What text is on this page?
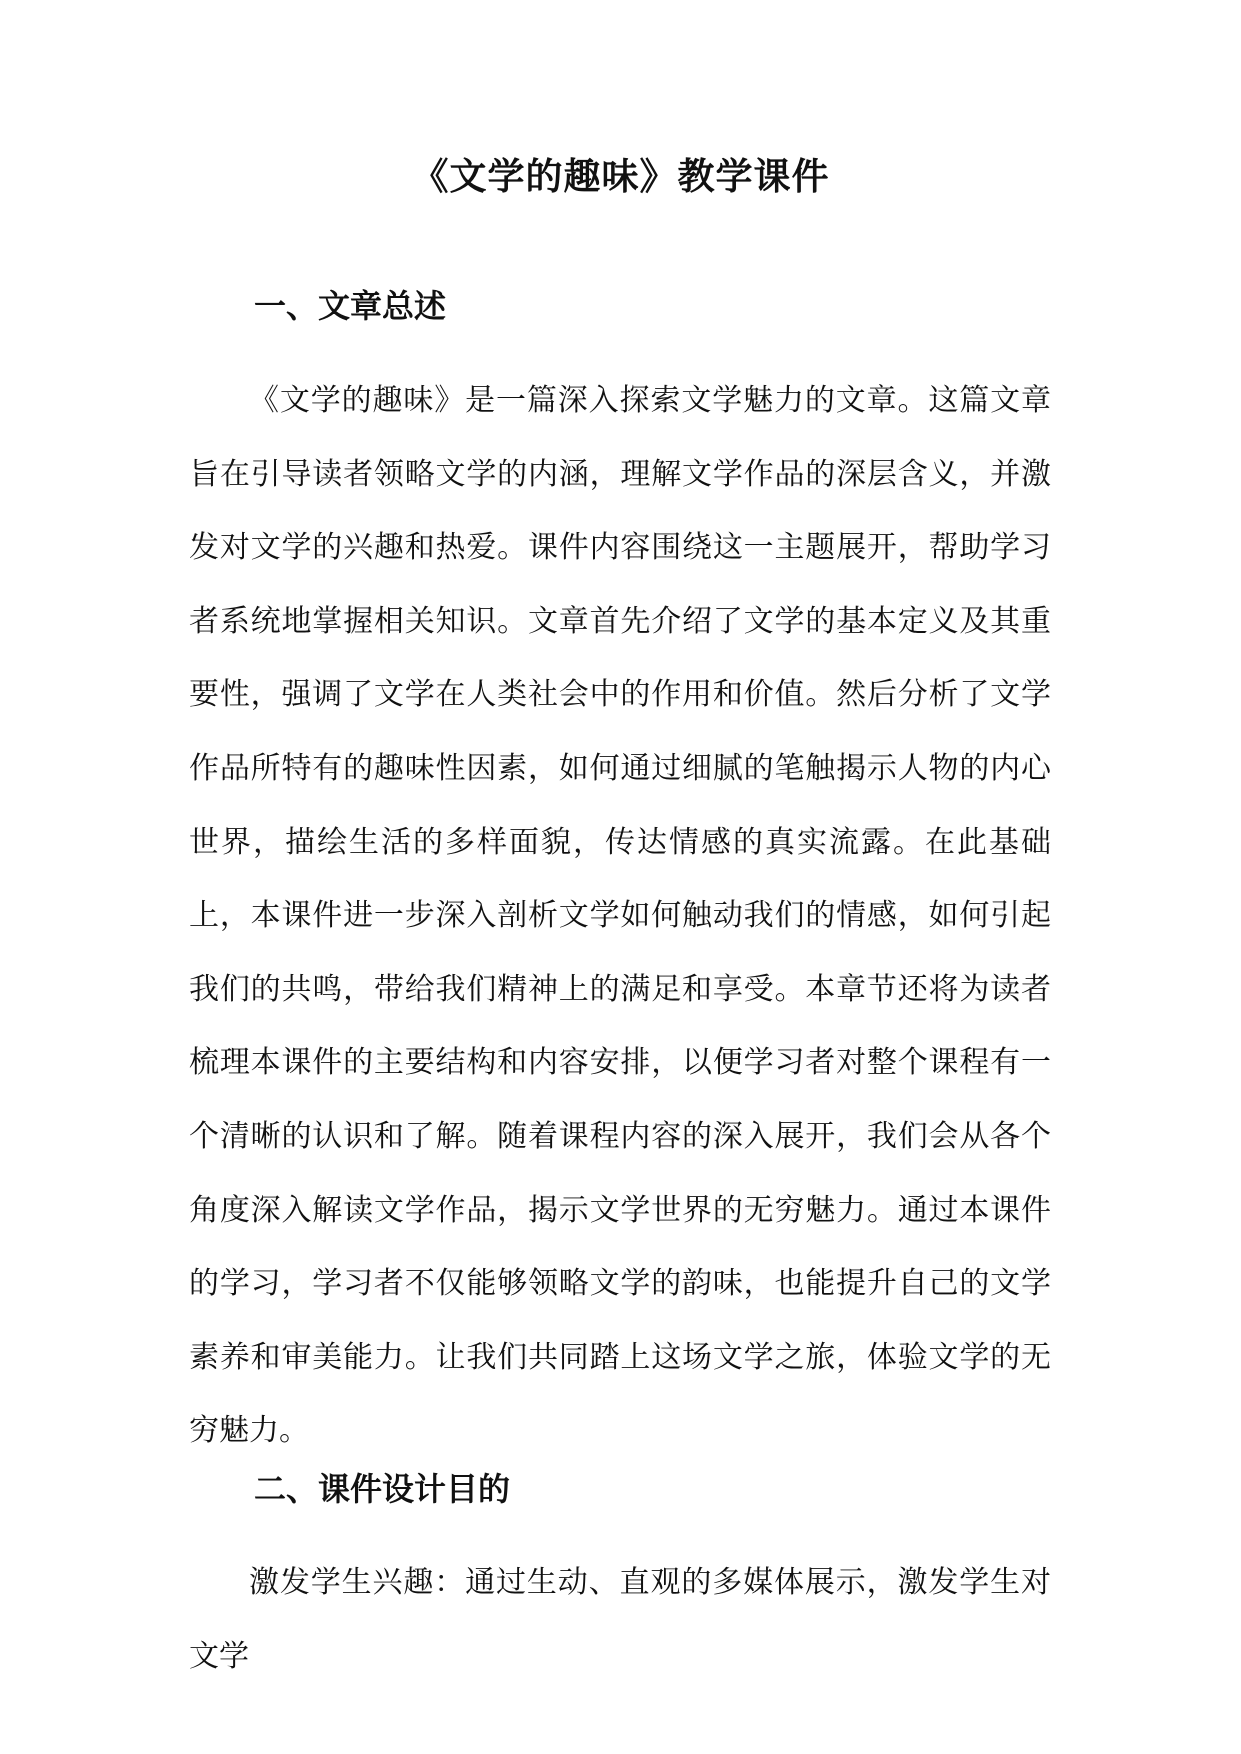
《文学的趣味》教学课件
一、文章总述

《文学的趣味》是一篇深入探索文学魅力的文章。这篇文章旨在引导读者领略文学的内涵，理解文学作品的深层含义，并激发对文学的兴趣和热爱。课件内容围绕这一主题展开，帮助学习者系统地掌握相关知识。文章首先介绍了文学的基本定义及其重要性，强调了文学在人类社会中的作用和价值。然后分析了文学作品所特有的趣味性因素，如何通过细腻的笔触揭示人物的内心世界，描绘生活的多样面貌，传达情感的真实流露。在此基础上，本课件进一步深入剖析文学如何触动我们的情感，如何引起我们的共鸣，带给我们精神上的满足和享受。本章节还将为读者梳理本课件的主要结构和内容安排，以便学习者对整个课程有一个清晰的认识和了解。随着课程内容的深入展开，我们会从各个角度深入解读文学作品，揭示文学世界的无穷魅力。通过本课件的学习，学习者不仅能够领略文学的韵味，也能提升自己的文学素养和审美能力。让我们共同踏上这场文学之旅，体验文学的无穷魅力。

二、课件设计目的

激发学生兴趣：通过生动、直观的多媒体展示，激发学生对文学
